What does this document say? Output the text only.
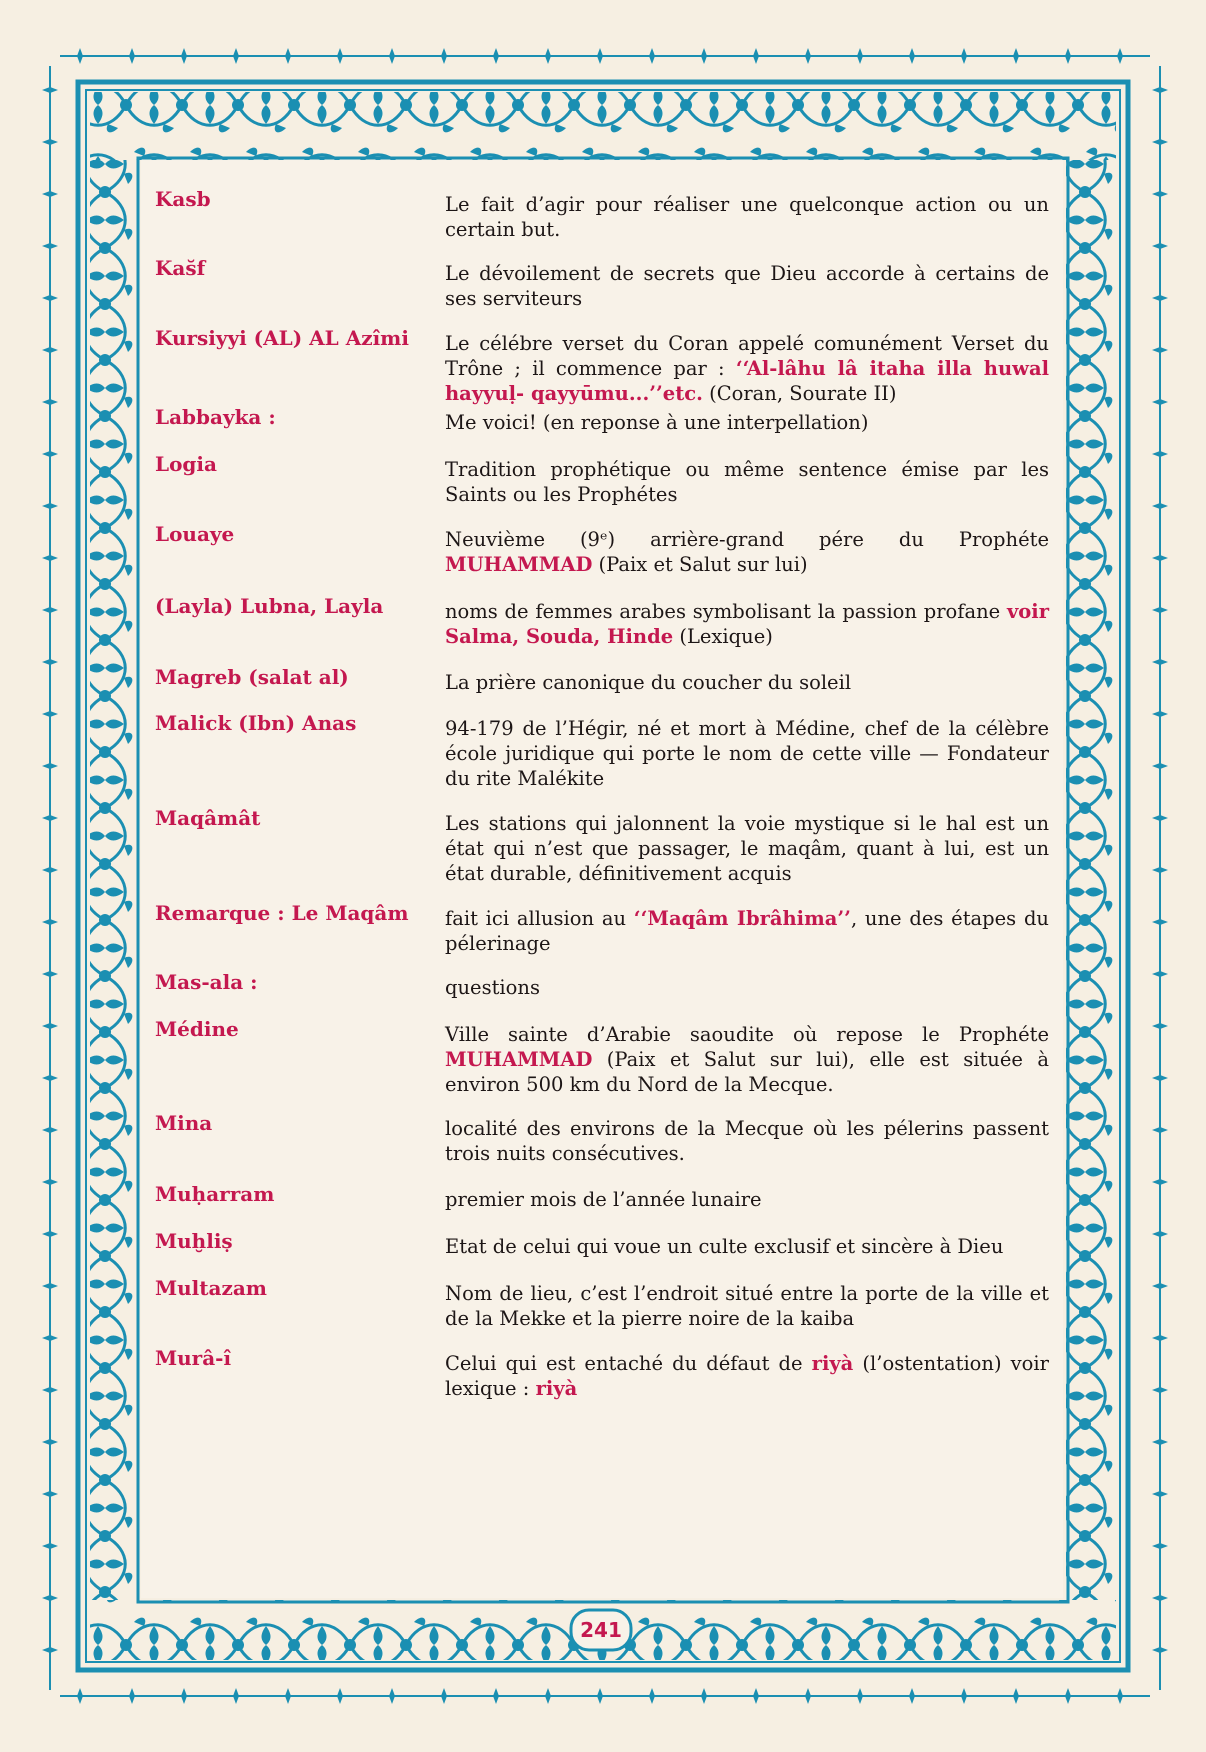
Kasb	Le fait d’agir pour réaliser une quelconque action ou un certain but.
Kas̆f	Le dévoilement de secrets que Dieu accorde à certains de ses serviteurs
Kursiyyi (AL) AL Azîmi	Le célébre verset du Coran appelé comunément Verset du Trône ; il commence par : ‘‘Al-lâhu lâ itaha illa huwal hayyuḷ- qayyūmu...’’etc. (Coran, Sourate II)
Labbayka :	Me voici! (en reponse à une interpellation)
Logia	Tradition prophétique ou même sentence émise par les Saints ou les Prophétes
Louaye	Neuvième (9ᵉ) arrière-grand pére du Prophéte MUHAMMAD (Paix et Salut sur lui)
(Layla) Lubna, Layla	noms de femmes arabes symbolisant la passion profane voir Salma, Souda, Hinde (Lexique)
Magreb (salat al)	La prière canonique du coucher du soleil
Malick (Ibn) Anas	94-179 de l’Hégir, né et mort à Médine, chef de la célèbre école juridique qui porte le nom de cette ville — Fondateur du rite Malékite
Maqâmât	Les stations qui jalonnent la voie mystique si le hal est un état qui n’est que passager, le maqâm, quant à lui, est un état durable, définitivement acquis
Remarque : Le Maqâm	fait ici allusion au ‘‘Maqâm Ibrâhima’’, une des étapes du pélerinage
Mas-ala :	questions
Médine	Ville sainte d’Arabie saoudite où repose le Prophéte MUHAMMAD (Paix et Salut sur lui), elle est située à environ 500 km du Nord de la Mecque.
Mina	localité des environs de la Mecque où les pélerins passent trois nuits consécutives.
Muḥarram	premier mois de l’année lunaire
Muḫliṣ	Etat de celui qui voue un culte exclusif et sincère à Dieu
Multazam	Nom de lieu, c’est l’endroit situé entre la porte de la ville et de la Mekke et la pierre noire de la kaiba
Murâ-î	Celui qui est entaché du défaut de riyà (l’ostentation) voir lexique : riyà
241
